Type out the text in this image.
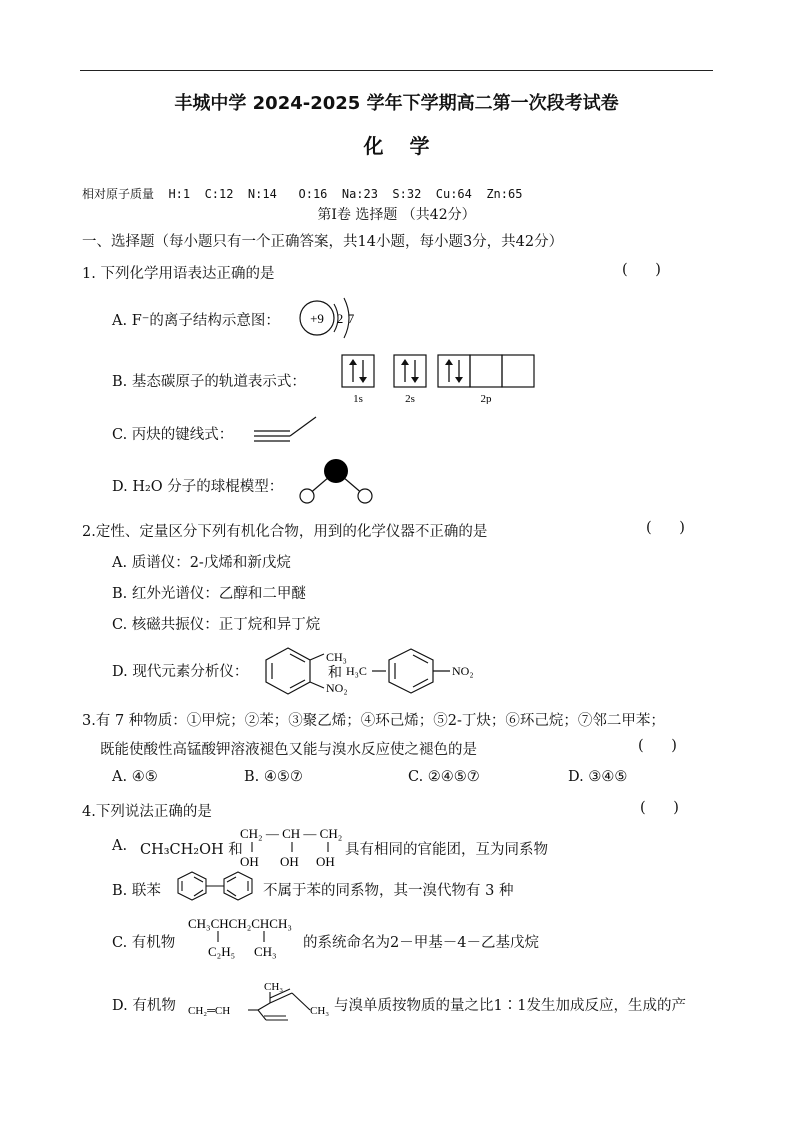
丰城中学 2024-2025 学年下学期高二第一次段考试卷
化学
相对原子质量  H:1  C:12  N:14   O:16  Na:23  S:32  Cu:64  Zn:65
第Ⅰ卷 选择题 （共42分）
一、选择题（每小题只有一个正确答案，共14小题，每小题3分，共42分）
1. 下列化学用语表达正确的是	(      )
A. F⁻的离子结构示意图： +9 2 7
B. 基态碳原子的轨道表示式：
1s	2s	2p
C. 丙炔的键线式：
D. H₂O 分子的球棍模型：
2.定性、定量区分下列有机化合物，用到的化学仪器不正确的是	(      )
A. 质谱仪：2-戊烯和新戊烷
B. 红外光谱仪：乙醇和二甲醚
C. 核磁共振仪：正丁烷和异丁烷
D. 现代元素分析仪：
CH₃
NO₂
和 H₃C	NO₂
3.有 7 种物质：①甲烷；②苯；③聚乙烯；④环己烯；⑤2-丁炔；⑥环己烷；⑦邻二甲苯；
既能使酸性高锰酸钾溶液褪色又能与溴水反应使之褪色的是	(      )
A. ④⑤	B. ④⑤⑦	C. ②④⑤⑦	D. ③④⑤
4.下列说法正确的是	(      )
A. CH₃CH₂OH 和
CH₂ — CH — CH₂
OH OH OH
具有相同的官能团，互为同系物
B. 联苯	不属于苯的同系物，其一溴代物有 3 种
C. 有机物
CH₃CHCH₂CHCH₃
C₂H₅ CH₃
的系统命名为2－甲基－4－乙基戊烷
D. 有机物
CH₃
CH₂═CH	CH₃ 与溴单质按物质的量之比1∶1发生加成反应，生成的产
